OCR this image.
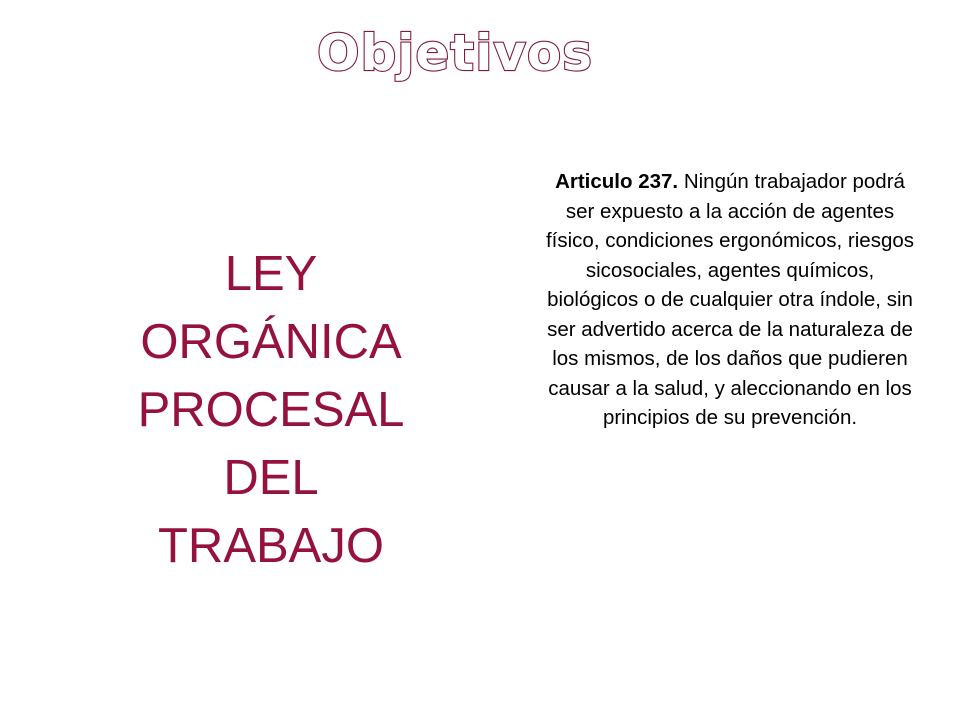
Objetivos
LEY
ORGÁNICA
PROCESAL
DEL
TRABAJO

Articulo 237. Ningún trabajador podrá ser expuesto a la acción de agentes físico, condiciones ergonómicos, riesgos sicosociales, agentes químicos, biológicos o de cualquier otra índole, sin ser advertido acerca de la naturaleza de los mismos, de los daños que pudieren causar a la salud, y aleccionando en los principios de su prevención.
